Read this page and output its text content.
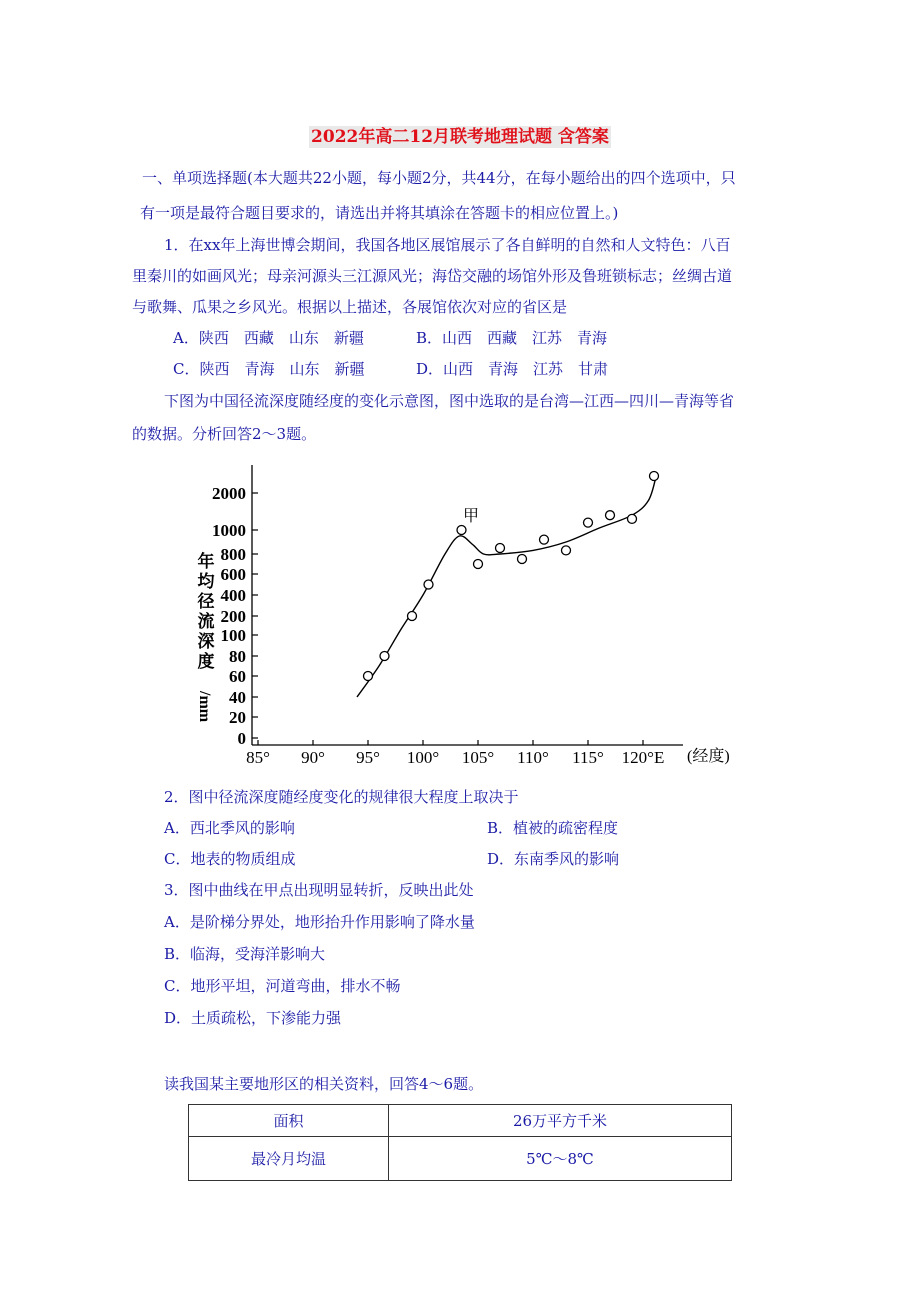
2022年高二12月联考地理试题 含答案
一、单项选择题(本大题共22小题，每小题2分，共44分，在每小题给出的四个选项中，只
有一项是最符合题目要求的，请选出并将其填涂在答题卡的相应位置上。)
1．在xx年上海世博会期间，我国各地区展馆展示了各自鲜明的自然和人文特色：八百
里秦川的如画风光；母亲河源头三江源风光；海岱交融的场馆外形及鲁班锁标志；丝绸古道
与歌舞、瓜果之乡风光。根据以上描述，各展馆依次对应的省区是
A．陕西　西藏　山东　新疆	B．山西　西藏　江苏　青海
C．陕西　青海　山东　新疆	D．山西　青海　江苏　甘肃
下图为中国径流深度随经度的变化示意图，图中选取的是台湾—江西—四川—青海等省
的数据。分析回答2～3题。
0
20
40
60
80
100
200
400
600
800
1000
2000
85° 90° 95° 100° 105° 110° 115° 120°E
甲
(经度)
年
均
径
流
深
度
/mm
2．图中径流深度随经度变化的规律很大程度上取决于
A．西北季风的影响	B．植被的疏密程度
C．地表的物质组成	D．东南季风的影响
3．图中曲线在甲点出现明显转折，反映出此处
A．是阶梯分界处，地形抬升作用影响了降水量
B．临海，受海洋影响大
C．地形平坦，河道弯曲，排水不畅
D．土质疏松，下渗能力强
读我国某主要地形区的相关资料，回答4～6题。
面积	26万平方千米
最冷月均温	5℃～8℃
